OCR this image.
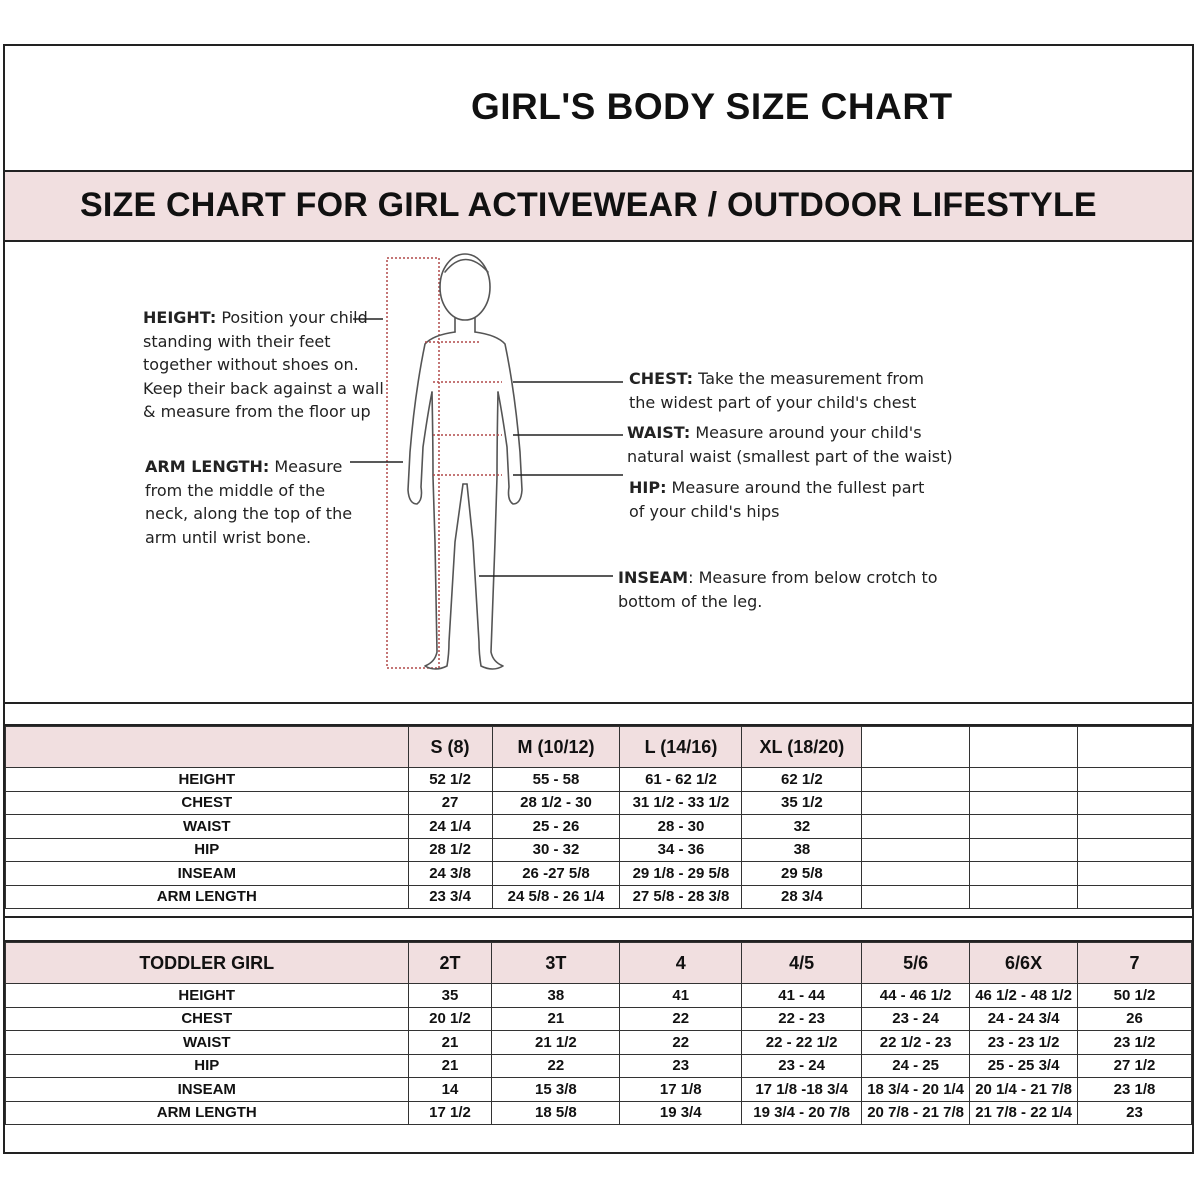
GIRL'S BODY SIZE CHART
SIZE CHART FOR GIRL ACTIVEWEAR / OUTDOOR LIFESTYLE
HEIGHT: Position your child
standing with their feet
together without shoes on.
Keep their back against a wall
& measure from the floor up
ARM LENGTH: Measure
from the middle of the
neck, along the top of the
arm until wrist bone.
CHEST: Take the measurement from
the widest part of your child's chest
WAIST: Measure around your child's
natural waist (smallest part of the waist)
HIP: Measure around the fullest part
of your child's hips
INSEAM: Measure from below crotch to
bottom of the leg.
	S (8)	M (10/12)	L (14/16)	XL (18/20)			
HEIGHT	52 1/2	55 - 58	61 - 62 1/2	62 1/2			
CHEST	27	28 1/2 - 30	31 1/2 - 33 1/2	35 1/2			
WAIST	24 1/4	25 - 26	28 - 30	32			
HIP	28 1/2	30 - 32	34 - 36	38			
INSEAM	24 3/8	26 -27 5/8	29 1/8 - 29 5/8	29 5/8			
ARM LENGTH	23 3/4	24 5/8 - 26 1/4	27 5/8 - 28 3/8	28 3/4			
TODDLER GIRL	2T	3T	4	4/5	5/6	6/6X	7
HEIGHT	35	38	41	41 - 44	44 - 46 1/2	46 1/2 - 48 1/2	50 1/2
CHEST	20 1/2	21	22	22 - 23	23 - 24	24 - 24 3/4	26
WAIST	21	21 1/2	22	22 - 22 1/2	22 1/2 - 23	23 - 23 1/2	23 1/2
HIP	21	22	23	23 - 24	24 - 25	25 - 25 3/4	27 1/2
INSEAM	14	15 3/8	17 1/8	17 1/8 -18 3/4	18 3/4 - 20 1/4	20 1/4 - 21 7/8	23 1/8
ARM LENGTH	17 1/2	18 5/8	19 3/4	19 3/4 - 20 7/8	20 7/8 - 21 7/8	21 7/8 - 22 1/4	23
